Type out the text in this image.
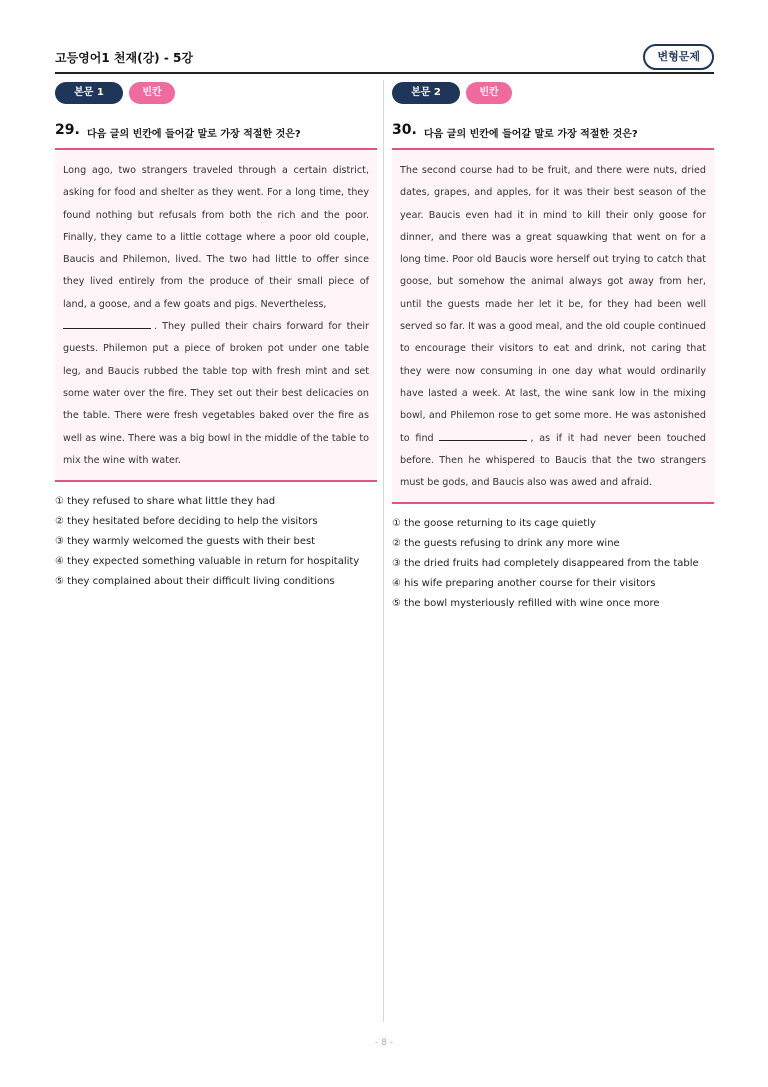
고등영어1 천재(강) - 5강	변형문제
본문 1	빈칸
29. 다음 글의 빈칸에 들어갈 말로 가장 적절한 것은?

Long ago, two strangers traveled through a certain district, asking for food and shelter as they went. For a long time, they found nothing but refusals from both the rich and the poor. Finally, they came to a little cottage where a poor old couple, Baucis and Philemon, lived. The two had little to offer since they lived entirely from the produce of their small piece of land, a goose, and a few goats and pigs. Nevertheless,
. They pulled their chairs forward for their guests. Philemon put a piece of broken pot under one table leg, and Baucis rubbed the table top with fresh mint and set some water over the fire. They set out their best delicacies on the table. There were fresh vegetables baked over the fire as well as wine. There was a big bowl in the middle of the table to mix the wine with water.

① they refused to share what little they had
② they hesitated before deciding to help the visitors
③ they warmly welcomed the guests with their best
④ they expected something valuable in return for hospitality
⑤ they complained about their difficult living conditions
본문 2	빈칸
30. 다음 글의 빈칸에 들어갈 말로 가장 적절한 것은?

The second course had to be fruit, and there were nuts, dried dates, grapes, and apples, for it was their best season of the year. Baucis even had it in mind to kill their only goose for dinner, and there was a great squawking that went on for a long time. Poor old Baucis wore herself out trying to catch that goose, but somehow the animal always got away from her, until the guests made her let it be, for they had been well served so far. It was a good meal, and the old couple continued to encourage their visitors to eat and drink, not caring that they were now consuming in one day what would ordinarily have lasted a week. At last, the wine sank low in the mixing bowl, and Philemon rose to get some more. He was astonished to find	, as if it had never been touched before. Then he whispered to Baucis that the two strangers must be gods, and Baucis also was awed and afraid.

① the goose returning to its cage quietly
② the guests refusing to drink any more wine
③ the dried fruits had completely disappeared from the table
④ his wife preparing another course for their visitors
⑤ the bowl mysteriously refilled with wine once more
- 8 -
